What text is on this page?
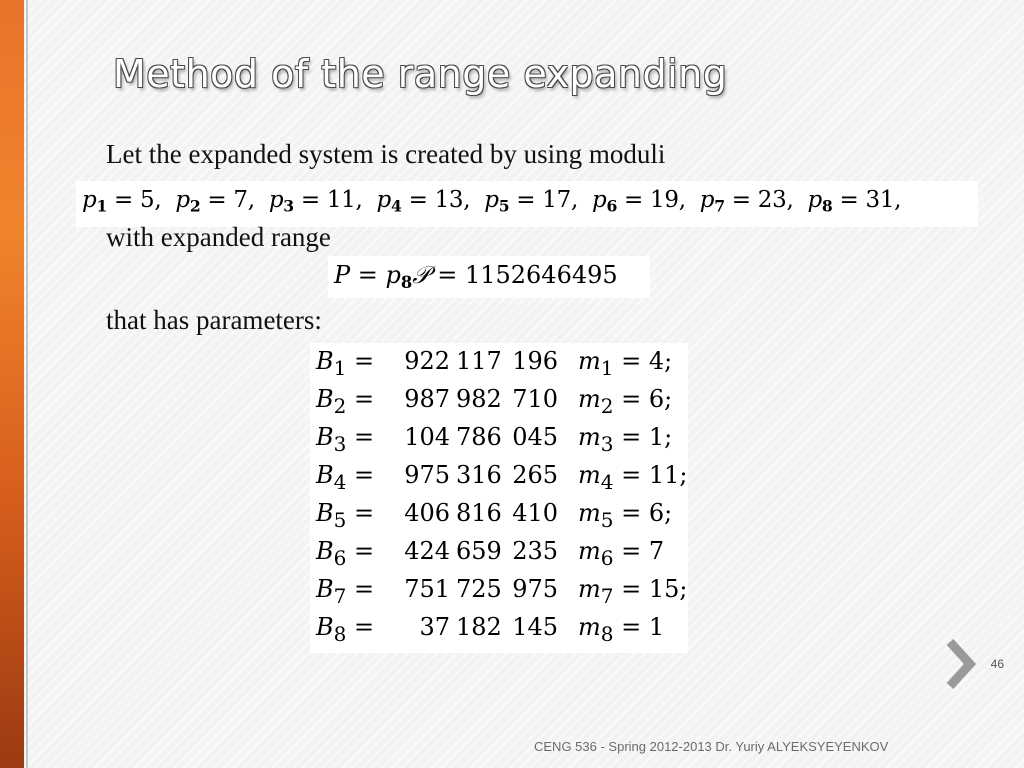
Method of the range expanding

Let the expanded system is created by using moduli

$p_1 = 5$,  $p_2 = 7$,  $p_3 = 11$,  $p_4 = 13$,  $p_5 = 17$,  $p_6 = 19$,  $p_7 = 23$,  $p_8 = 31$,

with expanded range

$P = p_8𝒫 = 1152646495$

that has parameters:

$B_1$ =	922 117 196 $m_1 = 4$;
$B_2$ =	987 982 710 $m_2 = 6$;
$B_3$ =	104 786 045 $m_3 = 1$;
$B_4$ =	975 316 265 $m_4 = 11$;
$B_5$ =	406 816 410 $m_5 = 6$;
$B_6$ =	424 659 235 $m_6 = 7$
$B_7$ =	751 725 975 $m_7 = 15$;
$B_8$ =	37 182 145 $m_8 = 1$
46
CENG 536 - Spring 2012-2013 Dr. Yuriy ALYEKSYEYENKOV
